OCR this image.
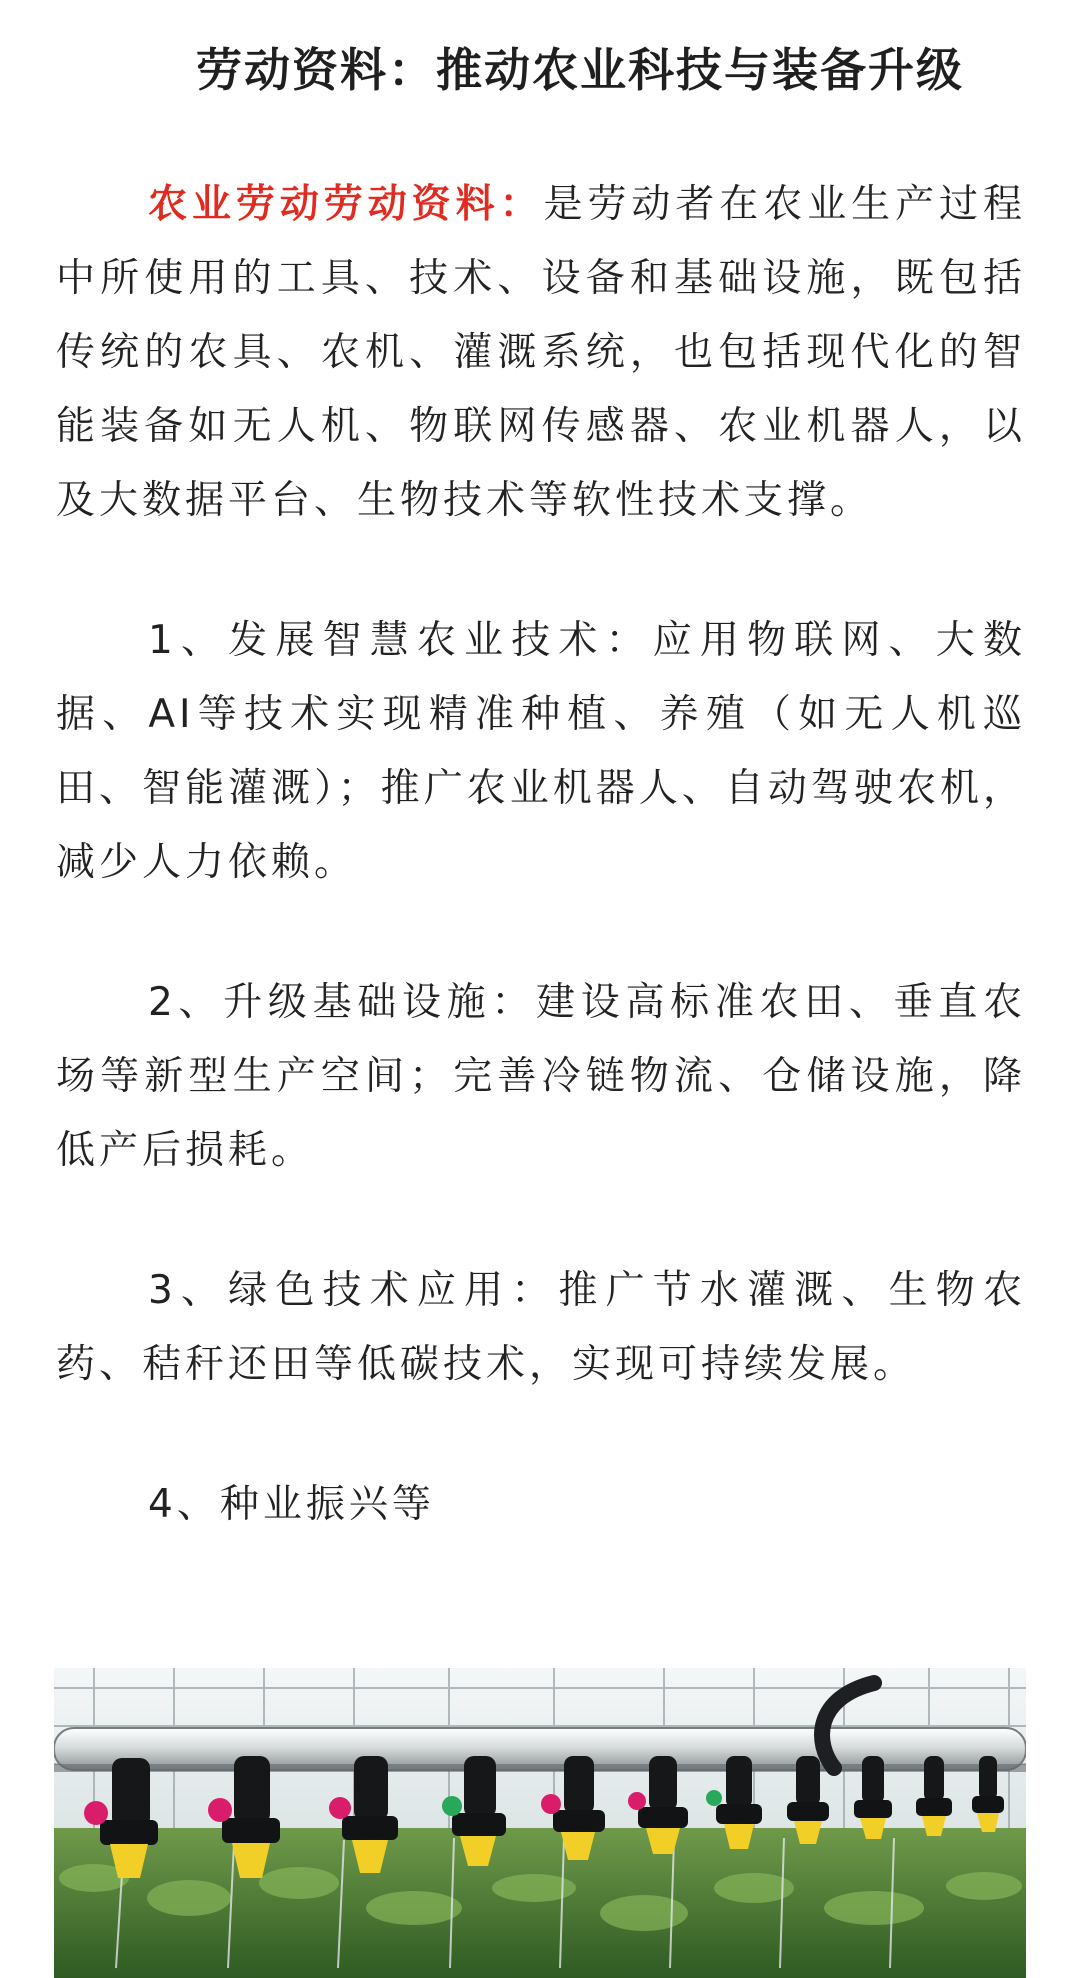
劳动资料：推动农业科技与装备升级

农业劳动劳动资料：是劳动者在农业生产过程中所使用的工具、技术、设备和基础设施，既包括传统的农具、农机、灌溉系统，也包括现代化的智能装备如无人机、物联网传感器、农业机器人，以及大数据平台、生物技术等软性技术支撑。

1、发展智慧农业技术：应用物联网、大数据、AI等技术实现精准种植、养殖（如无人机巡田、智能灌溉）；推广农业机器人、自动驾驶农机，减少人力依赖。

2、升级基础设施：建设高标准农田、垂直农场等新型生产空间；完善冷链物流、仓储设施，降低产后损耗。

3、绿色技术应用：推广节水灌溉、生物农药、秸秆还田等低碳技术，实现可持续发展。

4、种业振兴等
